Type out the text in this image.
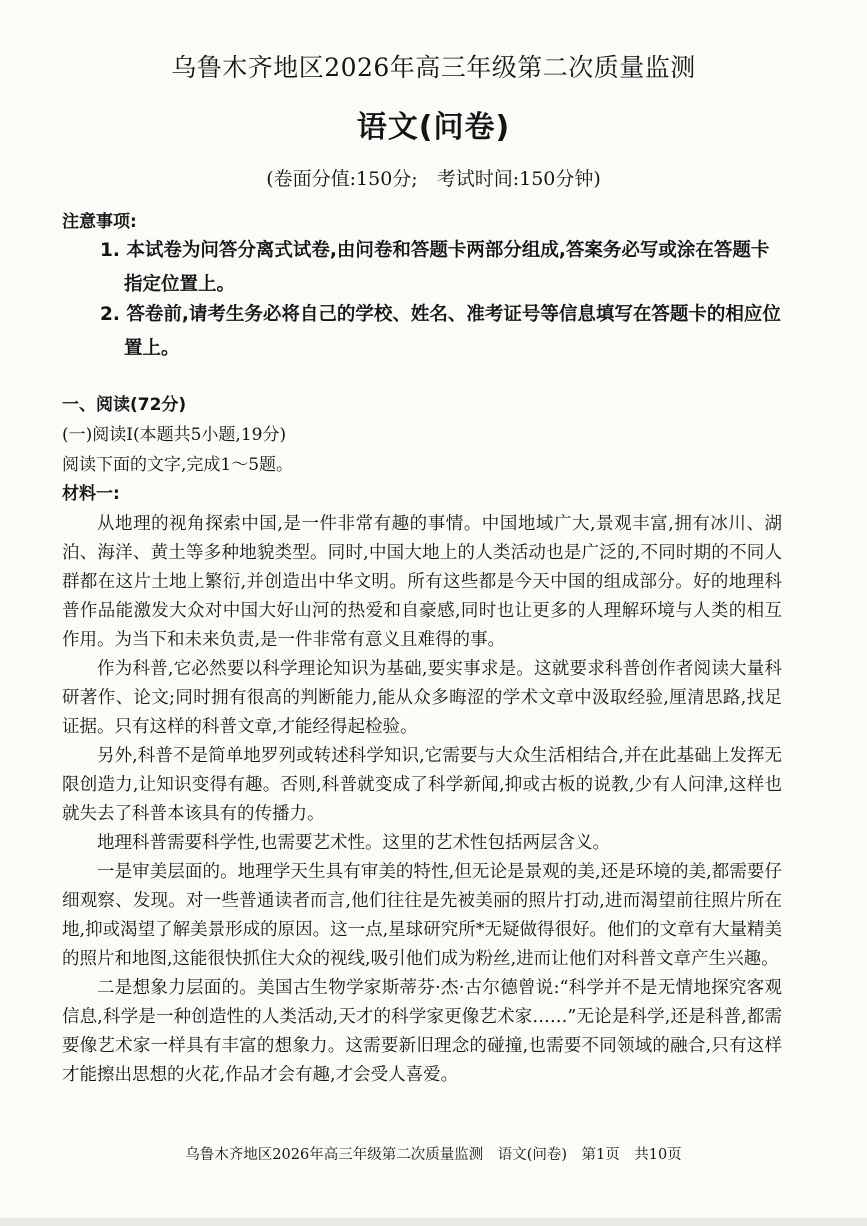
乌鲁木齐地区2026年高三年级第二次质量监测
语文(问卷)
(卷面分值:150分;　考试时间:150分钟)
注意事项:
1. 本试卷为问答分离式试卷,由问卷和答题卡两部分组成,答案务必写或涂在答题卡指定位置上。
2. 答卷前,请考生务必将自己的学校、姓名、准考证号等信息填写在答题卡的相应位置上。
一、阅读(72分)
(一)阅读Ⅰ(本题共5小题,19分)
阅读下面的文字,完成1～5题。
材料一:

从地理的视角探索中国,是一件非常有趣的事情。中国地域广大,景观丰富,拥有冰川、湖泊、海洋、黄土等多种地貌类型。同时,中国大地上的人类活动也是广泛的,不同时期的不同人群都在这片土地上繁衍,并创造出中华文明。所有这些都是今天中国的组成部分。好的地理科普作品能激发大众对中国大好山河的热爱和自豪感,同时也让更多的人理解环境与人类的相互作用。为当下和未来负责,是一件非常有意义且难得的事。

作为科普,它必然要以科学理论知识为基础,要实事求是。这就要求科普创作者阅读大量科研著作、论文;同时拥有很高的判断能力,能从众多晦涩的学术文章中汲取经验,厘清思路,找足证据。只有这样的科普文章,才能经得起检验。

另外,科普不是简单地罗列或转述科学知识,它需要与大众生活相结合,并在此基础上发挥无限创造力,让知识变得有趣。否则,科普就变成了科学新闻,抑或古板的说教,少有人问津,这样也就失去了科普本该具有的传播力。

地理科普需要科学性,也需要艺术性。这里的艺术性包括两层含义。

一是审美层面的。地理学天生具有审美的特性,但无论是景观的美,还是环境的美,都需要仔细观察、发现。对一些普通读者而言,他们往往是先被美丽的照片打动,进而渴望前往照片所在地,抑或渴望了解美景形成的原因。这一点,星球研究所*无疑做得很好。他们的文章有大量精美的照片和地图,这能很快抓住大众的视线,吸引他们成为粉丝,进而让他们对科普文章产生兴趣。

二是想象力层面的。美国古生物学家斯蒂芬·杰·古尔德曾说:“科学并不是无情地探究客观信息,科学是一种创造性的人类活动,天才的科学家更像艺术家……”无论是科学,还是科普,都需要像艺术家一样具有丰富的想象力。这需要新旧理念的碰撞,也需要不同领域的融合,只有这样才能擦出思想的火花,作品才会有趣,才会受人喜爱。

乌鲁木齐地区2026年高三年级第二次质量监测　语文(问卷)　第1页　共10页
